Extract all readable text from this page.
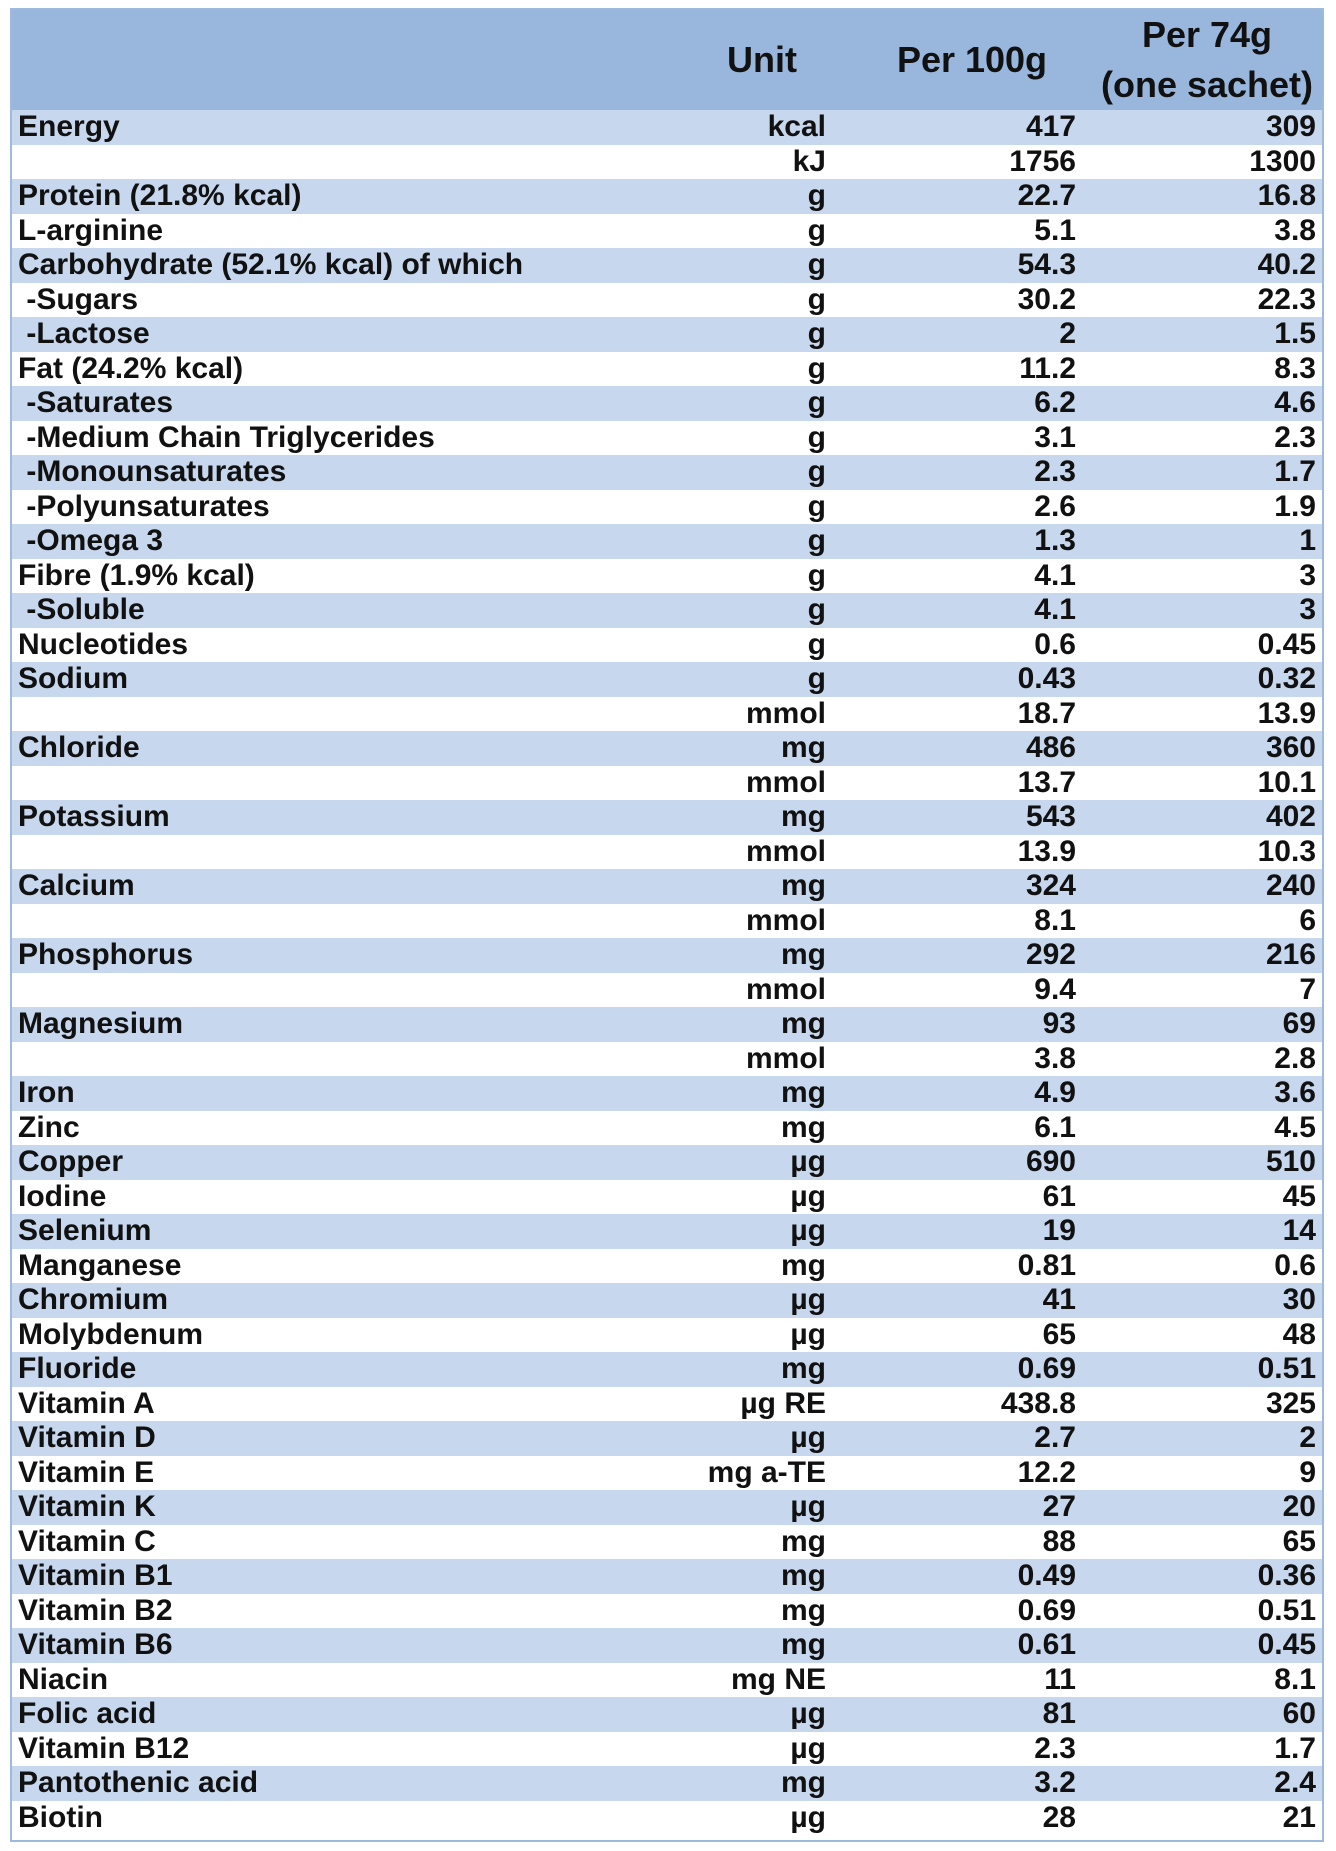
	Unit	Per 100g	Per 74g
(one sachet)

Energy	kcal	417	309
	kJ	1756	1300
Protein (21.8% kcal)	g	22.7	16.8
L-arginine	g	5.1	3.8
Carbohydrate (52.1% kcal) of which	g	54.3	40.2
-Sugars	g	30.2	22.3
-Lactose	g	2	1.5
Fat (24.2% kcal)	g	11.2	8.3
-Saturates	g	6.2	4.6
-Medium Chain Triglycerides	g	3.1	2.3
-Monounsaturates	g	2.3	1.7
-Polyunsaturates	g	2.6	1.9
-Omega 3	g	1.3	1
Fibre (1.9% kcal)	g	4.1	3
-Soluble	g	4.1	3
Nucleotides	g	0.6	0.45
Sodium	g	0.43	0.32
	mmol	18.7	13.9
Chloride	mg	486	360
	mmol	13.7	10.1
Potassium	mg	543	402
	mmol	13.9	10.3
Calcium	mg	324	240
	mmol	8.1	6
Phosphorus	mg	292	216
	mmol	9.4	7
Magnesium	mg	93	69
	mmol	3.8	2.8
Iron	mg	4.9	3.6
Zinc	mg	6.1	4.5
Copper	µg	690	510
Iodine	µg	61	45
Selenium	µg	19	14
Manganese	mg	0.81	0.6
Chromium	µg	41	30
Molybdenum	µg	65	48
Fluoride	mg	0.69	0.51
Vitamin A	µg RE	438.8	325
Vitamin D	µg	2.7	2
Vitamin E	mg a-TE	12.2	9
Vitamin K	µg	27	20
Vitamin C	mg	88	65
Vitamin B1	mg	0.49	0.36
Vitamin B2	mg	0.69	0.51
Vitamin B6	mg	0.61	0.45
Niacin	mg NE	11	8.1
Folic acid	µg	81	60
Vitamin B12	µg	2.3	1.7
Pantothenic acid	mg	3.2	2.4
Biotin	µg	28	21
